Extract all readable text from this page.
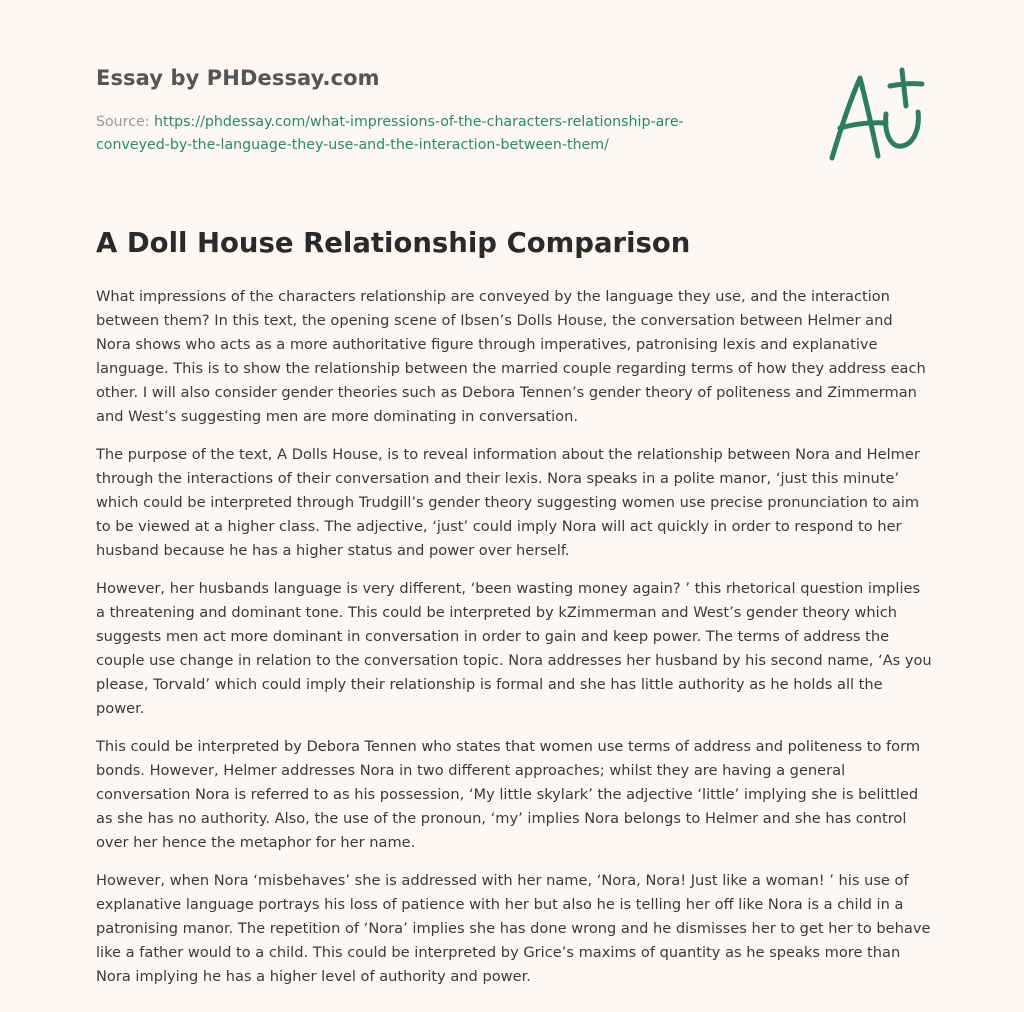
Essay by PHDessay.com
Source: https://phdessay.com/what-impressions-of-the-characters-relationship-are-conveyed-by-the-language-they-use-and-the-interaction-between-them/
A Doll House Relationship Comparison

What impressions of the characters relationship are conveyed by the language they use, and the interaction between them? In this text, the opening scene of Ibsen’s Dolls House, the conversation between Helmer and Nora shows who acts as a more authoritative figure through imperatives, patronising lexis and explanative language. This is to show the relationship between the married couple regarding terms of how they address each other. I will also consider gender theories such as Debora Tennen’s gender theory of politeness and Zimmerman and West’s suggesting men are more dominating in conversation.

The purpose of the text, A Dolls House, is to reveal information about the relationship between Nora and Helmer through the interactions of their conversation and their lexis. Nora speaks in a polite manor, ‘just this minute’ which could be interpreted through Trudgill’s gender theory suggesting women use precise pronunciation to aim to be viewed at a higher class. The adjective, ‘just’ could imply Nora will act quickly in order to respond to her husband because he has a higher status and power over herself.

However, her husbands language is very different, ‘been wasting money again? ’ this rhetorical question implies a threatening and dominant tone. This could be interpreted by kZimmerman and West’s gender theory which suggests men act more dominant in conversation in order to gain and keep power. The terms of address the couple use change in relation to the conversation topic. Nora addresses her husband by his second name, ‘As you please, Torvald’ which could imply their relationship is formal and she has little authority as he holds all the power.

This could be interpreted by Debora Tennen who states that women use terms of address and politeness to form bonds. However, Helmer addresses Nora in two different approaches; whilst they are having a general conversation Nora is referred to as his possession, ‘My little skylark’ the adjective ‘little’ implying she is belittled as she has no authority. Also, the use of the pronoun, ‘my’ implies Nora belongs to Helmer and she has control over her hence the metaphor for her name.

However, when Nora ‘misbehaves’ she is addressed with her name, ‘Nora, Nora! Just like a woman! ’ his use of explanative language portrays his loss of patience with her but also he is telling her off like Nora is a child in a patronising manor. The repetition of ‘Nora’ implies she has done wrong and he dismisses her to get her to behave like a father would to a child. This could be interpreted by Grice’s maxims of quantity as he speaks more than Nora implying he has a higher level of authority and power.
